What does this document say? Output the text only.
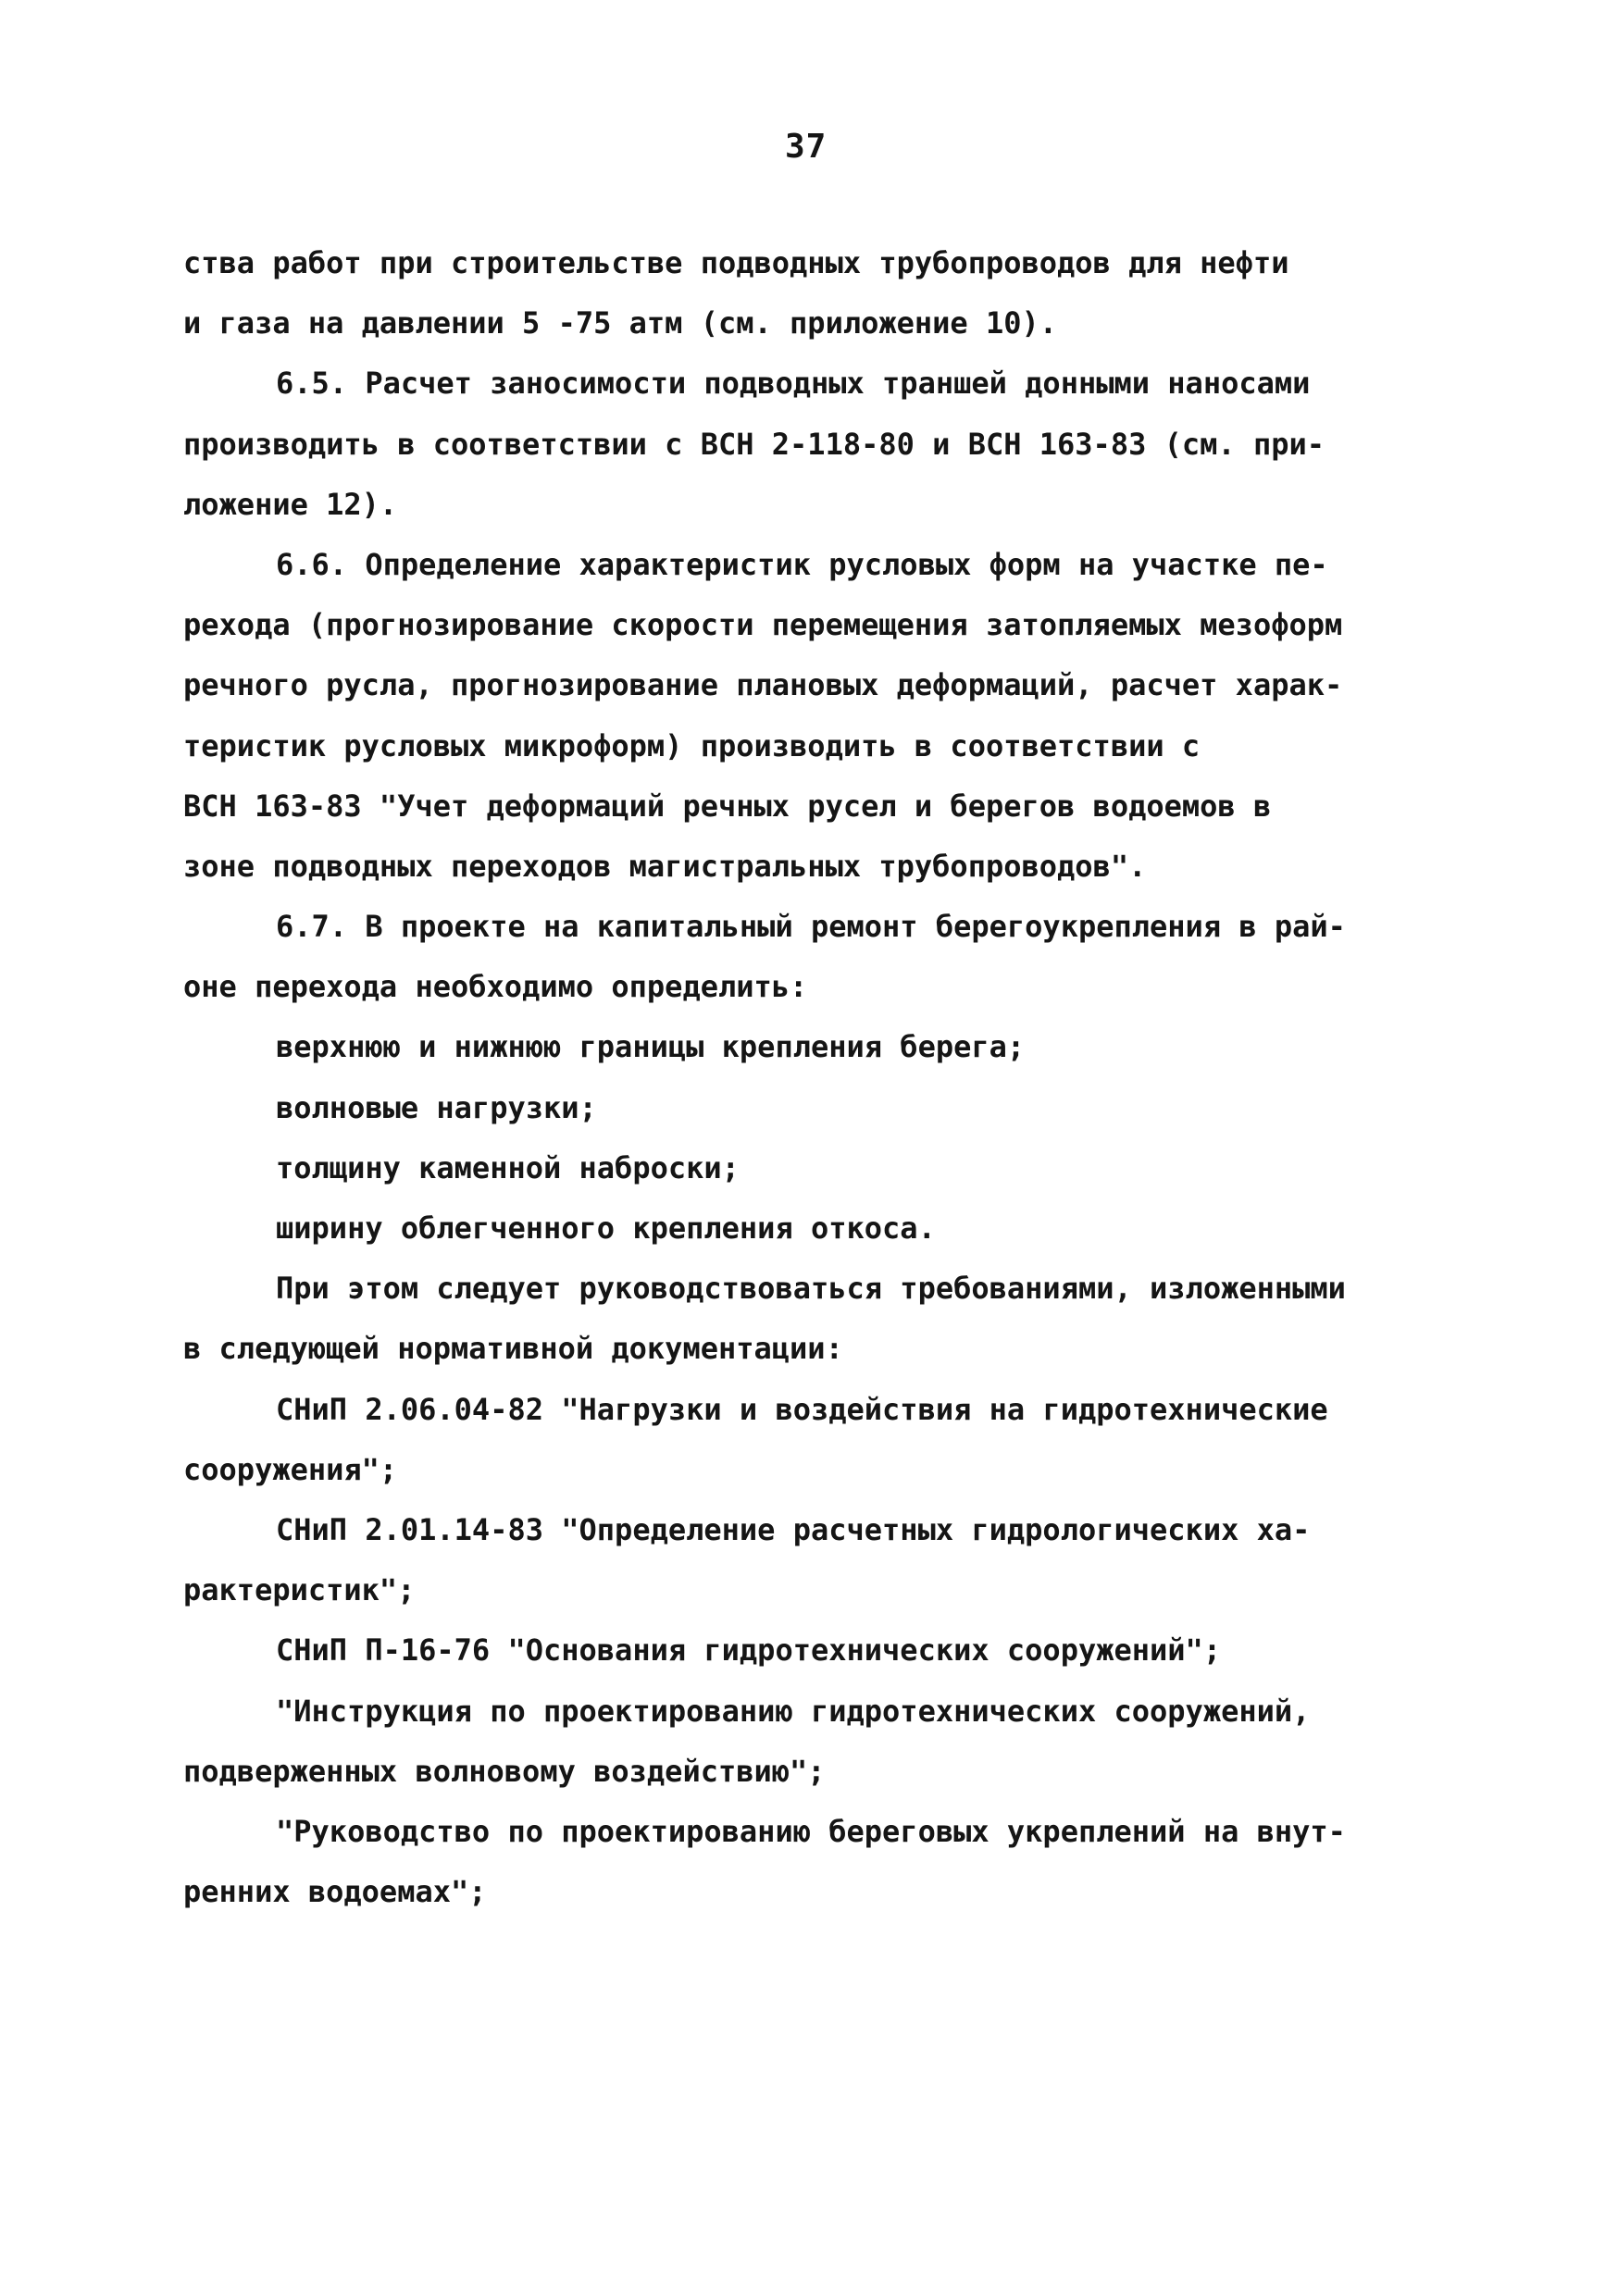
37
ства работ при строительстве подводных трубопроводов для нефти
и газа на давлении 5 -75 атм (см. приложение 10).
6.5. Расчет заносимости подводных траншей донными наносами
производить в соответствии с ВСН 2-118-80 и ВСН 163-83 (см. при-
ложение 12).
6.6. Определение характеристик русловых форм на участке пе-
рехода (прогнозирование скорости перемещения затопляемых мезоформ
речного русла, прогнозирование плановых деформаций, расчет харак-
теристик русловых микроформ) производить в соответствии с
ВСН 163-83 "Учет деформаций речных русел и берегов водоемов в
зоне подводных переходов магистральных трубопроводов".
6.7. В проекте на капитальный ремонт берегоукрепления в рай-
оне перехода необходимо определить:
верхнюю и нижнюю границы крепления берега;
волновые нагрузки;
толщину каменной наброски;
ширину облегченного крепления откоса.
При этом следует руководствоваться требованиями, изложенными
в следующей нормативной документации:
СНиП 2.06.04-82 "Нагрузки и воздействия на гидротехнические
сооружения";
СНиП 2.01.14-83 "Определение расчетных гидрологических ха-
рактеристик";
СНиП П-16-76 "Основания гидротехнических сооружений";
"Инструкция по проектированию гидротехнических сооружений,
подверженных волновому воздействию";
"Руководство по проектированию береговых укреплений на внут-
ренних водоемах";
